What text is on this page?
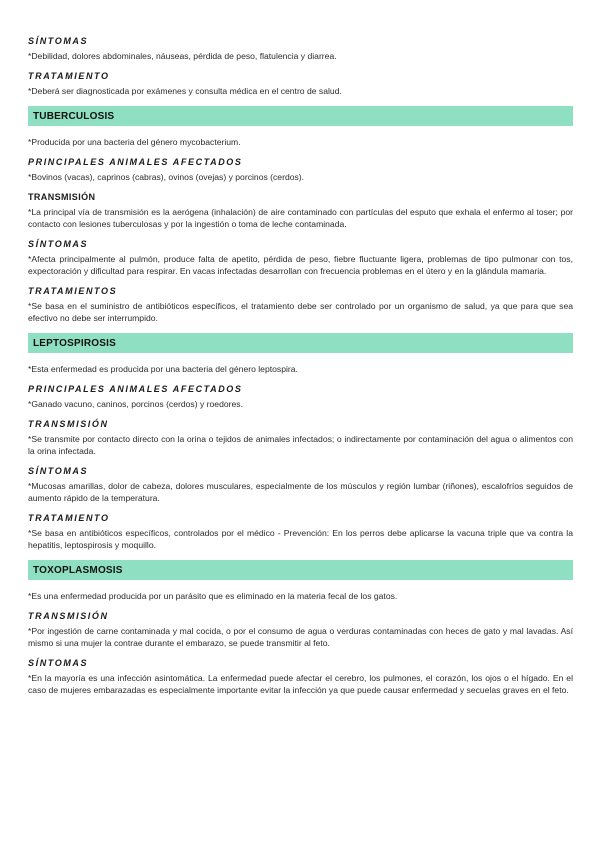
SÍNTOMAS

*Debilidad, dolores abdominales, náuseas, pérdida de peso, flatulencia y diarrea.

TRATAMIENTO

*Deberá ser diagnosticada por exámenes y consulta médica en el centro de salud.

TUBERCULOSIS

*Producida por una bacteria del género mycobacterium.

PRINCIPALES ANIMALES AFECTADOS

*Bovinos (vacas), caprinos (cabras), ovinos (ovejas) y porcinos (cerdos).

TRANSMISIÓN

*La principal vía de transmisión es la aerógena (inhalación) de aire contaminado con partículas del esputo que exhala el enfermo al toser; por contacto con lesiones tuberculosas y por la ingestión o toma de leche contaminada.

SÍNTOMAS

*Afecta principalmente al pulmón, produce falta de apetito, pérdida de peso, fiebre fluctuante ligera, problemas de tipo pulmonar con tos, expectoración y dificultad para respirar. En vacas infectadas desarrollan con frecuencia problemas en el útero y en la glándula mamaria.

TRATAMIENTOS

*Se basa en el suministro de antibióticos específicos, el tratamiento debe ser controlado por un organismo de salud, ya que para que sea efectivo no debe ser interrumpido.

LEPTOSPIROSIS

*Esta enfermedad es producida por una bacteria del género leptospira.

PRINCIPALES ANIMALES AFECTADOS

*Ganado vacuno, caninos, porcinos (cerdos) y roedores.

TRANSMISIÓN

*Se transmite por contacto directo con la orina o tejidos de animales infectados; o indirectamente por contaminación del agua o alimentos con la orina infectada.

SÍNTOMAS

*Mucosas amarillas, dolor de cabeza, dolores musculares, especialmente de los músculos y región lumbar (riñones), escalofríos seguidos de aumento rápido de la temperatura.

TRATAMIENTO

*Se basa en antibióticos específicos, controlados por el médico - Prevención: En los perros debe aplicarse la vacuna triple que va contra la hepatitis, leptospirosis y moquillo.

TOXOPLASMOSIS

*Es una enfermedad producida por un parásito que es eliminado en la materia fecal de los gatos.

TRANSMISIÓN

*Por ingestión de carne contaminada y mal cocida, o por el consumo de agua o verduras contaminadas con heces de gato y mal lavadas. Así mismo si una mujer la contrae durante el embarazo, se puede transmitir al feto.

SÍNTOMAS

*En la mayoría es una infección asintomática. La enfermedad puede afectar el cerebro, los pulmones, el corazón, los ojos o el hígado. En el caso de mujeres embarazadas es especialmente importante evitar la infección ya que puede causar enfermedad y secuelas graves en el feto.
